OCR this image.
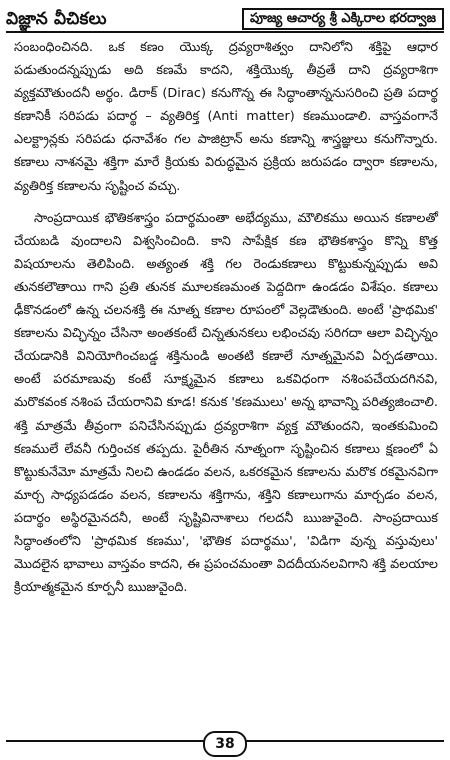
విజ్ఞాన వీచికలు	పూజ్య ఆచార్య శ్రీ ఎక్కిరాల భరద్వాజ

సంబంధించినది. ఒక కణం యొక్క ద్రవ్యరాశిత్వం దానిలోని శక్తిపై ఆధార పడుతుందన్నప్పుడు అది కణమే కాదని, శక్తియొక్క తీవ్రతే దాని ద్రవ్యరాశిగా వ్యక్తమౌతుందనీ అర్థం. డిరాక్ (Dirac) కనుగొన్న ఈ సిద్ధాంతాన్ననుసరించి ప్రతి పదార్థ కణానికీ సరిపడు పదార్థ – వ్యతిరిక్త (Anti matter) కణముండాలి. వాస్తవంగానే ఎలక్ట్రాన్లకు సరిపడు ధనావేశం గల పాజిట్రాన్ అను కణాన్ని శాస్త్రజ్ఞులు కనుగొన్నారు. కణాలు నాశనమై శక్తిగా మారే క్రియకు విరుద్ధమైన ప్రక్రియ జరుపడం ద్వారా కణాలను, వ్యతిరిక్త కణాలను సృష్టించ వచ్చు.

సాంప్రదాయిక భౌతికశాస్త్రం పదార్థమంతా అభేద్యము, మౌలికము అయిన కణాలతో చేయబడి వుందాలని విశ్వసించింది. కాని సాపేక్షిక కణ భౌతికశాస్త్రం కొన్ని కొత్త విషయాలను తెలిపింది. అత్యంత శక్తి గల రెండుకణాలు కొట్టుకున్నప్పుడు అవి తునకలౌతాయి గాని ప్రతి తునక మూలకణమంత పెద్దదిగా ఉండడం విశేషం. కణాలు ఢీకొనడంలో ఉన్న చలనశక్తి ఈ నూత్న కణాల రూపంలో వెల్లడౌతుంది. అంటే 'ప్రాథమిక' కణాలను విచ్ఛిన్నం చేసినా అంతకంటే చిన్నతునకలు లభించవు సరిగదా ఆలా విచ్ఛిన్నం చేయడానికి వినియోగించబడ్డ శక్తినుండి అంతటి కణాలే నూత్నమైనవి ఏర్పడతాయి. అంటే పరమాణువు కంటే సూక్ష్మమైన కణాలు ఒకవిధంగా నశింపచేయదగినవి, మరొకవంక నశింప చేయరానివి కూడ! కనుక 'కణములు' అన్న భావాన్ని పరిత్యజించాలి. శక్తి మాత్రమే తీవ్రంగా పనిచేసినప్పుడు ద్రవ్యరాశిగా వ్యక్త మౌతుందని, ఇంతకుమించి కణములే లేవనీ గుర్తించక తప్పదు. పైరీతిన నూత్నంగా సృష్టించిన కణాలు క్షణంలో ఏ కొట్టుకునేమో మాత్రమే నిలచి ఉండడం వలన, ఒకరకమైన కణాలను మరొక రకమైనవిగా మార్చ సాధ్యపడడం వలన, కణాలను శక్తిగాను, శక్తిని కణాలుగాను మార్చడం వలన, పదార్థం అస్థిరమైనదనీ, అంటే సృష్టివినాశాలు గలదనీ ఋజువైంది. సాంప్రదాయిక సిద్ధాంతంలోని 'ప్రాథమిక కణము', 'భౌతిక పదార్థము', 'విడిగా వున్న వస్తువులు' మొదలైన భావాలు వాస్తవం కాదని, ఈ ప్రపంచమంతా విదదీయనలవిగాని శక్తి వలయాల క్రియాత్మకమైన కూర్పనీ ఋజువైంది.

38
